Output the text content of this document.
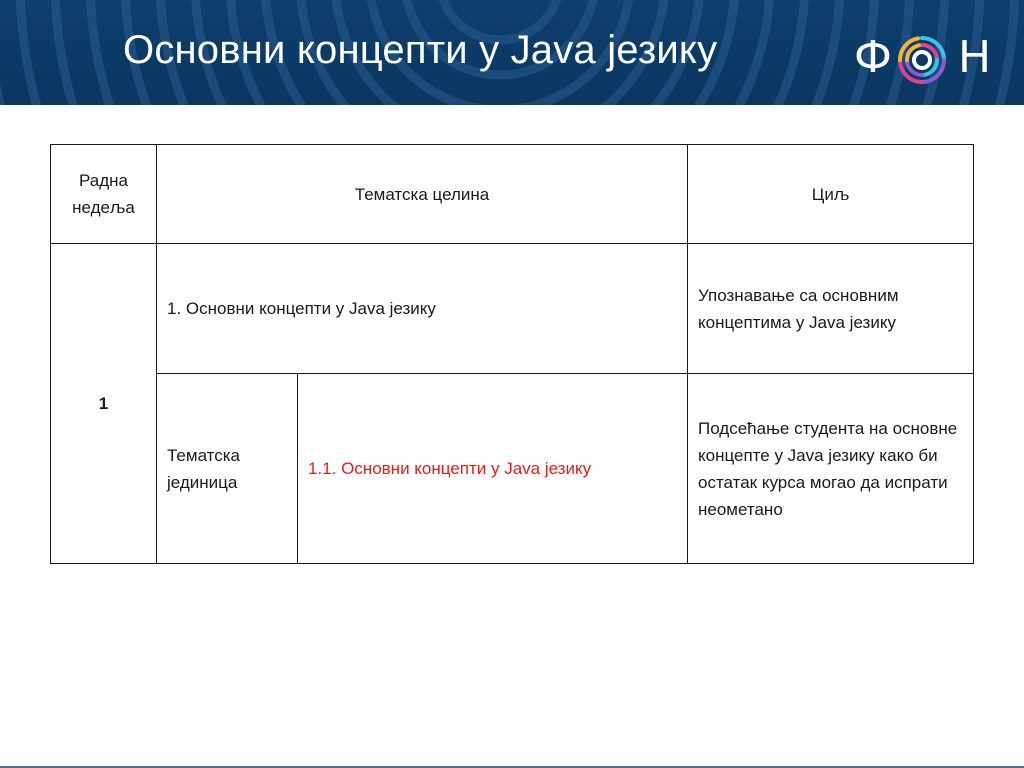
Основни концепти у Java језику	Ф Н
Радна недеља	Тематска целина		Циљ
1	1. Основни концепти у Java језику		Упознавање са основним концептима у Java језику
	Тематска јединица	1.1. Основни концепти у Java језику	Подсећање студента на основне концепте у Java језику како би остатак курса могао да испрати неометано
